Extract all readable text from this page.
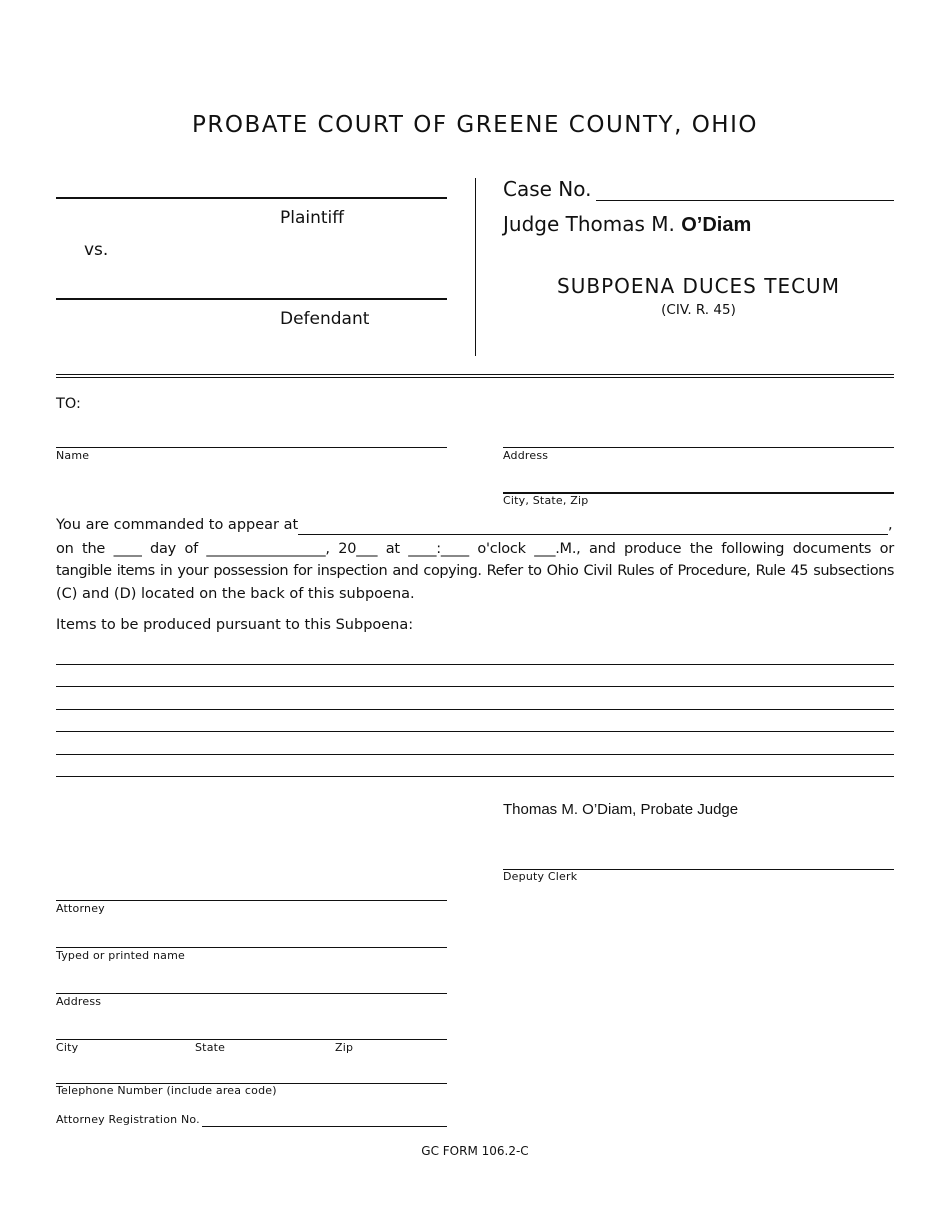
PROBATE COURT OF GREENE COUNTY, OHIO
Plaintiff
vs.
Defendant
Case No.
Judge Thomas M. O’Diam
SUBPOENA DUCES TECUM
(CIV. R. 45)
TO:
Name	Address
City, State, Zip
You are commanded to appear at	,
on the ____ day of _________________, 20___ at ____:____ o'clock ___.M., and produce the following documents or
tangible items in your possession for inspection and copying. Refer to Ohio Civil Rules of Procedure, Rule 45 subsections
(C) and (D) located on the back of this subpoena.
Items to be produced pursuant to this Subpoena:
Thomas M. O’Diam, Probate Judge
Deputy Clerk
Attorney
Typed or printed name
Address
City	State	Zip
Telephone Number (include area code)
Attorney Registration No.
GC FORM 106.2-C
